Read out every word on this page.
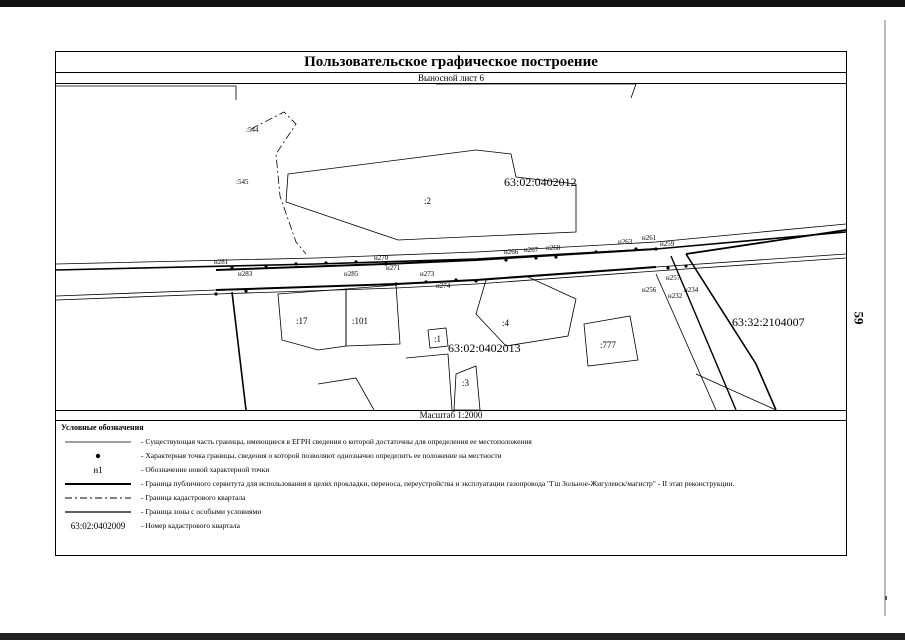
Пользовательское графическое построение
Выносной лист 6
н281
н283	н285
н270
н271
н273
н274
н266 н267 н268
н263 н261
н259
н256
н257
н232
н234
:544
:545
:2
:17	:101	:4
:777
:1
:3
63:02:0402012
63:02:0402013
63:32:2104007
Масштаб 1:2000
Условные обозначения
- Существующая часть границы, имеющиеся в ЕГРН сведения о которой достаточны для определения ее местоположения
- Характерная точка границы, сведения о которой позволяют однозначно определить ее положение на местности
н1	- Обозначение новой характерной точки
- Граница публичного сервитута для использования в целях прокладки, переноса, переустройства и эксплуатации газопровода "Гш Зольное-Жигулевск/магистр" - II этап реконструкции.
- Граница кадастрового квартала
- Граница зоны с особыми условиями
63:02:0402009	- Номер кадастрового квартала
59
